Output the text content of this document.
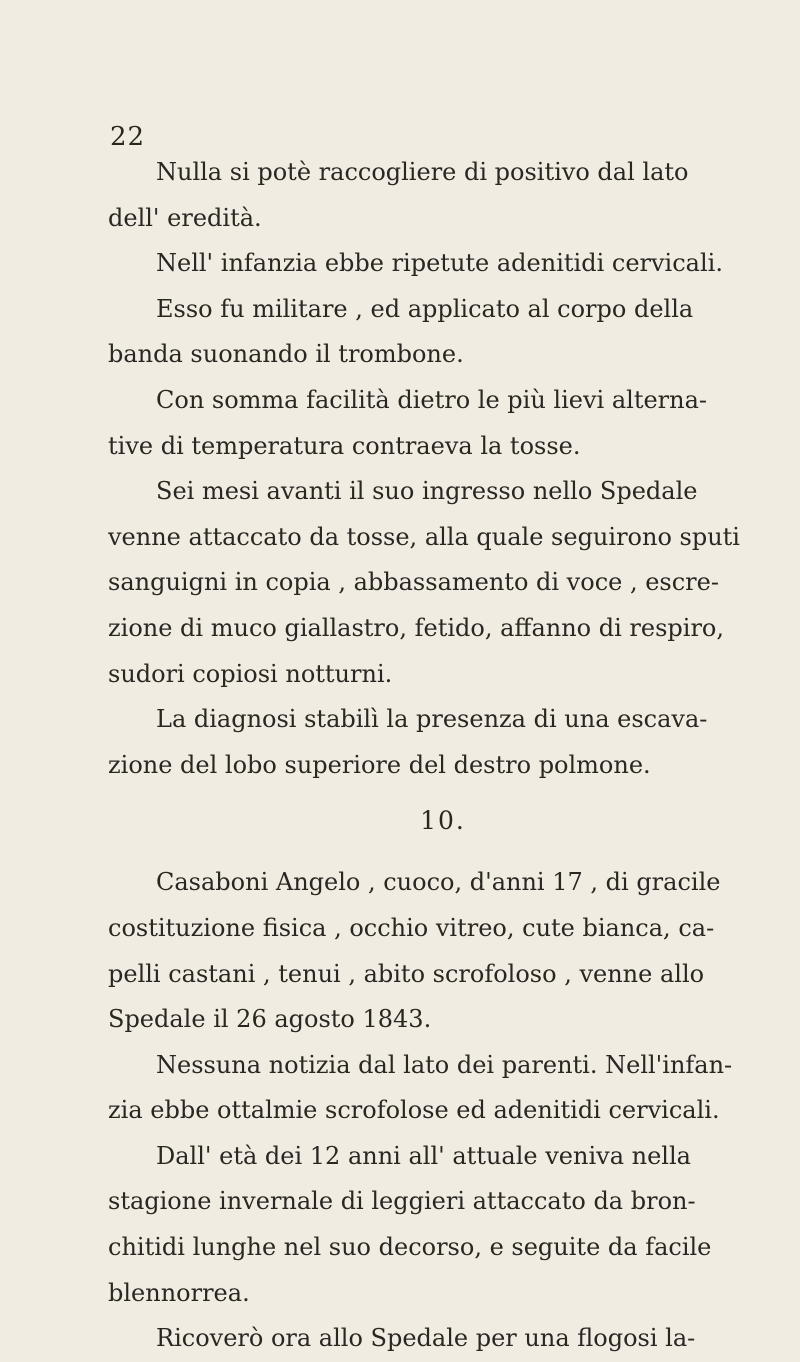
22

Nulla si potè raccogliere di positivo dal lato

dell' eredità.

Nell' infanzia ebbe ripetute adenitidi cervicali.

Esso fu militare , ed applicato al corpo della

banda suonando il trombone.

Con somma facilità dietro le più lievi alterna-

tive di temperatura contraeva la tosse.

Sei mesi avanti il suo ingresso nello Spedale

venne attaccato da tosse, alla quale seguirono sputi
sanguigni in copia , abbassamento di voce , escre-
zione di muco giallastro, fetido, affanno di respiro,
sudori copiosi notturni.

La diagnosi stabilì la presenza di una escava-

zione del lobo superiore del destro polmone.

10.

Casaboni Angelo , cuoco, d'anni 17 , di gracile

costituzione fisica , occhio vitreo, cute bianca, ca-
pelli castani , tenui , abito scrofoloso , venne allo
Spedale il 26 agosto 1843.

Nessuna notizia dal lato dei parenti. Nell'infan-

zia ebbe ottalmie scrofolose ed adenitidi cervicali.

Dall' età dei 12 anni all' attuale veniva nella

stagione invernale di leggieri attaccato da bron-
chitidi lunghe nel suo decorso, e seguite da facile
blennorrea.

Ricoverò ora allo Spedale per una flogosi la-
